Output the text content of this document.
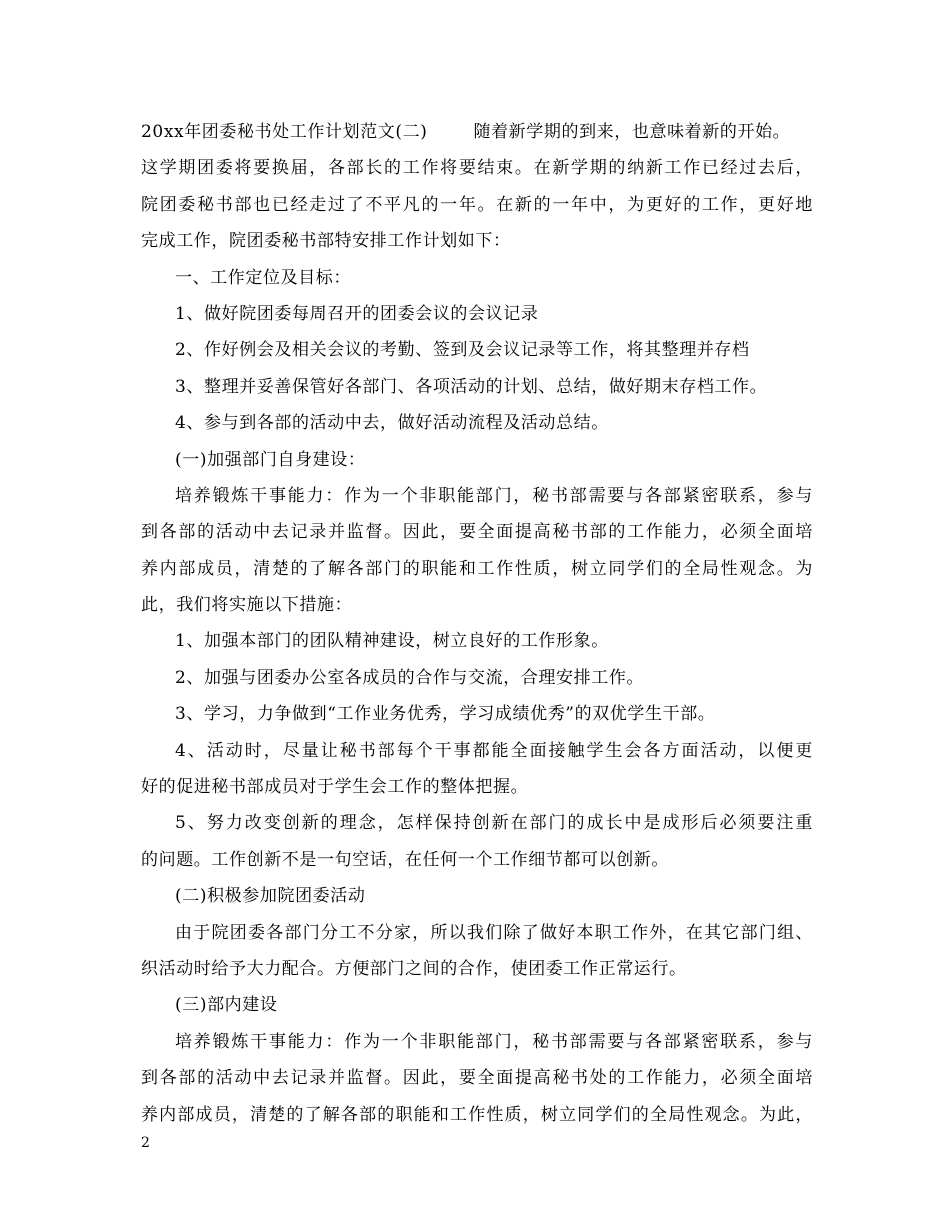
20xx年团委秘书处工作计划范文(二)	随着新学期的到来，也意味着新的开始。
这学期团委将要换届，各部长的工作将要结束。在新学期的纳新工作已经过去后，
院团委秘书部也已经走过了不平凡的一年。在新的一年中，为更好的工作，更好地
完成工作，院团委秘书部特安排工作计划如下：
一、工作定位及目标：
1、做好院团委每周召开的团委会议的会议记录
2、作好例会及相关会议的考勤、签到及会议记录等工作，将其整理并存档
3、整理并妥善保管好各部门、各项活动的计划、总结，做好期末存档工作。
4、参与到各部的活动中去，做好活动流程及活动总结。
(一)加强部门自身建设：
培养锻炼干事能力：作为一个非职能部门，秘书部需要与各部紧密联系，参与
到各部的活动中去记录并监督。因此，要全面提高秘书部的工作能力，必须全面培
养内部成员，清楚的了解各部门的职能和工作性质，树立同学们的全局性观念。为
此，我们将实施以下措施：
1、加强本部门的团队精神建设，树立良好的工作形象。
2、加强与团委办公室各成员的合作与交流，合理安排工作。
3、学习，力争做到“工作业务优秀，学习成绩优秀”的双优学生干部。
4、活动时，尽量让秘书部每个干事都能全面接触学生会各方面活动，以便更
好的促进秘书部成员对于学生会工作的整体把握。
5、努力改变创新的理念，怎样保持创新在部门的成长中是成形后必须要注重
的问题。工作创新不是一句空话，在任何一个工作细节都可以创新。
(二)积极参加院团委活动
由于院团委各部门分工不分家，所以我们除了做好本职工作外，在其它部门组、
织活动时给予大力配合。方便部门之间的合作，使团委工作正常运行。
(三)部内建设
培养锻炼干事能力：作为一个非职能部门，秘书部需要与各部紧密联系，参与
到各部的活动中去记录并监督。因此，要全面提高秘书处的工作能力，必须全面培
养内部成员，清楚的了解各部的职能和工作性质，树立同学们的全局性观念。为此，
2
